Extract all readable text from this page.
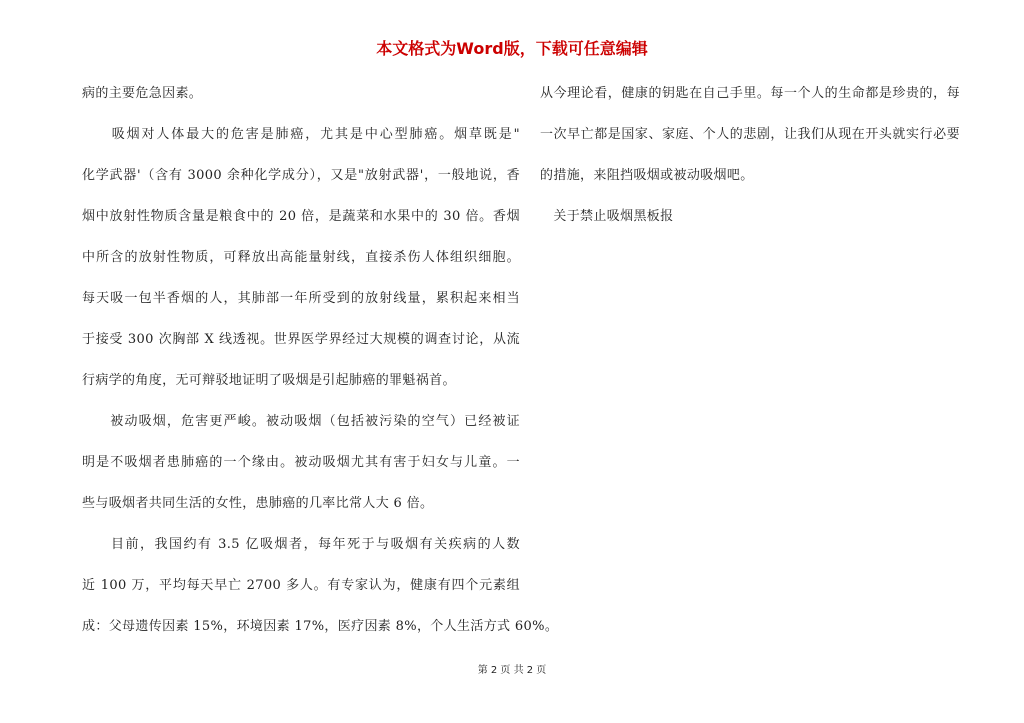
本文格式为Word版，下载可任意编辑
病的主要危急因素。
　　吸烟对人体最大的危害是肺癌，尤其是中心型肺癌。烟草既是"
化学武器'（含有 3000 余种化学成分），又是"放射武器'，一般地说，香
烟中放射性物质含量是粮食中的 20 倍，是蔬菜和水果中的 30 倍。香烟
中所含的放射性物质，可释放出高能量射线，直接杀伤人体组织细胞。
每天吸一包半香烟的人，其肺部一年所受到的放射线量，累积起来相当
于接受 300 次胸部 X 线透视。世界医学界经过大规模的调查讨论，从流
行病学的角度，无可辩驳地证明了吸烟是引起肺癌的罪魁祸首。
　　被动吸烟，危害更严峻。被动吸烟（包括被污染的空气）已经被证
明是不吸烟者患肺癌的一个缘由。被动吸烟尤其有害于妇女与儿童。一
些与吸烟者共同生活的女性，患肺癌的几率比常人大 6 倍。
　　目前，我国约有 3.5 亿吸烟者，每年死于与吸烟有关疾病的人数
近 100 万，平均每天早亡 2700 多人。有专家认为，健康有四个元素组
成：父母遗传因素 15%，环境因素 17%，医疗因素 8%，个人生活方式 60%。
从今理论看，健康的钥匙在自己手里。每一个人的生命都是珍贵的，每
一次早亡都是国家、家庭、个人的悲剧，让我们从现在开头就实行必要
的措施，来阻挡吸烟或被动吸烟吧。
　关于禁止吸烟黑板报
第 2 页 共 2 页
